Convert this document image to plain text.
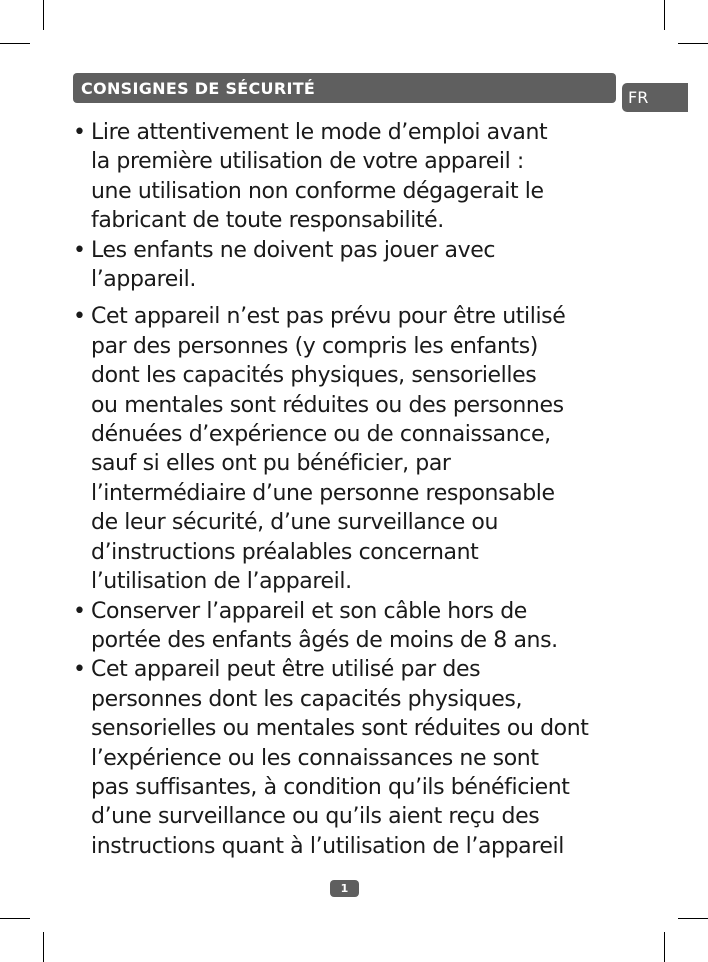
CONSIGNES DE SÉCURITÉ	FR
• Lire attentivement le mode d’emploi avant
la première utilisation de votre appareil :
une utilisation non conforme dégagerait le
fabricant de toute responsabilité.
• Les enfants ne doivent pas jouer avec
l’appareil.
• Cet appareil n’est pas prévu pour être utilisé
par des personnes (y compris les enfants)
dont les capacités physiques, sensorielles
ou mentales sont réduites ou des personnes
dénuées d’expérience ou de connaissance,
sauf si elles ont pu bénéficier, par
l’intermédiaire d’une personne responsable
de leur sécurité, d’une surveillance ou
d’instructions préalables concernant
l’utilisation de l’appareil.
• Conserver l’appareil et son câble hors de
portée des enfants âgés de moins de 8 ans.
• Cet appareil peut être utilisé par des
personnes dont les capacités physiques,
sensorielles ou mentales sont réduites ou dont
l’expérience ou les connaissances ne sont
pas suffisantes, à condition qu’ils bénéficient
d’une surveillance ou qu’ils aient reçu des
instructions quant à l’utilisation de l’appareil
1
